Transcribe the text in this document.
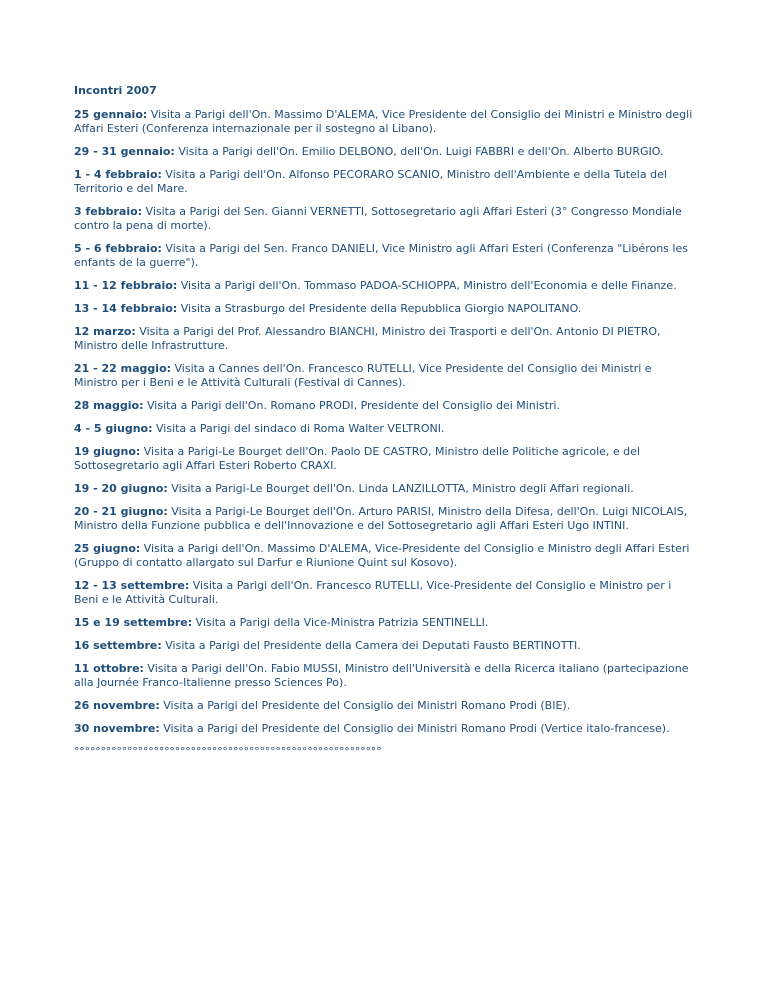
Incontri 2007

25 gennaio: Visita a Parigi dell'On. Massimo D'ALEMA, Vice Presidente del Consiglio dei Ministri e Ministro degli Affari Esteri (Conferenza internazionale per il sostegno al Libano).

29 - 31 gennaio: Visita a Parigi dell'On. Emilio DELBONO, dell'On. Luigi FABBRI e dell'On. Alberto BURGIO.

1 - 4 febbraio: Visita a Parigi dell'On. Alfonso PECORARO SCANIO, Ministro dell'Ambiente e della Tutela del Territorio e del Mare.

3 febbraio: Visita a Parigi del Sen. Gianni VERNETTI, Sottosegretario agli Affari Esteri (3° Congresso Mondiale contro la pena di morte).

5 - 6 febbraio: Visita a Parigi del Sen. Franco DANIELI, Vice Ministro agli Affari Esteri (Conferenza "Libérons les enfants de la guerre").

11 - 12 febbraio: Visita a Parigi dell'On. Tommaso PADOA-SCHIOPPA, Ministro dell'Economia e delle Finanze.

13 - 14 febbraio: Visita a Strasburgo del Presidente della Repubblica Giorgio NAPOLITANO.

12 marzo: Visita a Parigi del Prof. Alessandro BIANCHI, Ministro dei Trasporti e dell'On. Antonio DI PIETRO, Ministro delle Infrastrutture.

21 - 22 maggio: Visita a Cannes dell'On. Francesco RUTELLI, Vice Presidente del Consiglio dei Ministri e Ministro per i Beni e le Attività Culturali (Festival di Cannes).

28 maggio: Visita a Parigi dell'On. Romano PRODI, Presidente del Consiglio dei Ministri.

4 - 5 giugno: Visita a Parigi del sindaco di Roma Walter VELTRONI.

19 giugno: Visita a Parigi-Le Bourget dell'On. Paolo DE CASTRO, Ministro delle Politiche agricole, e del Sottosegretario agli Affari Esteri Roberto CRAXI.

19 - 20 giugno: Visita a Parigi-Le Bourget dell'On. Linda LANZILLOTTA, Ministro degli Affari regionali.

20 - 21 giugno: Visita a Parigi-Le Bourget dell'On. Arturo PARISI, Ministro della Difesa, dell'On. Luigi NICOLAIS, Ministro della Funzione pubblica e dell'Innovazione e del Sottosegretario agli Affari Esteri Ugo INTINI.

25 giugno: Visita a Parigi dell'On. Massimo D'ALEMA, Vice-Presidente del Consiglio e Ministro degli Affari Esteri (Gruppo di contatto allargato sul Darfur e Riunione Quint sul Kosovo).

12 - 13 settembre: Visita a Parigi dell'On. Francesco RUTELLI, Vice-Presidente del Consiglio e Ministro per i Beni e le Attività Culturali.

15 e 19 settembre: Visita a Parigi della Vice-Ministra Patrizia SENTINELLI.

16 settembre: Visita a Parigi del Presidente della Camera dei Deputati Fausto BERTINOTTI.

11 ottobre: Visita a Parigi dell'On. Fabio MUSSI, Ministro dell'Università e della Ricerca italiano (partecipazione alla Journée Franco-Italienne presso Sciences Po).

26 novembre: Visita a Parigi del Presidente del Consiglio dei Ministri Romano Prodi (BIE).

30 novembre: Visita a Parigi del Presidente del Consiglio dei Ministri Romano Prodi (Vertice italo-francese).

°°°°°°°°°°°°°°°°°°°°°°°°°°°°°°°°°°°°°°°°°°°°°°°°°°°°°°°°°°
